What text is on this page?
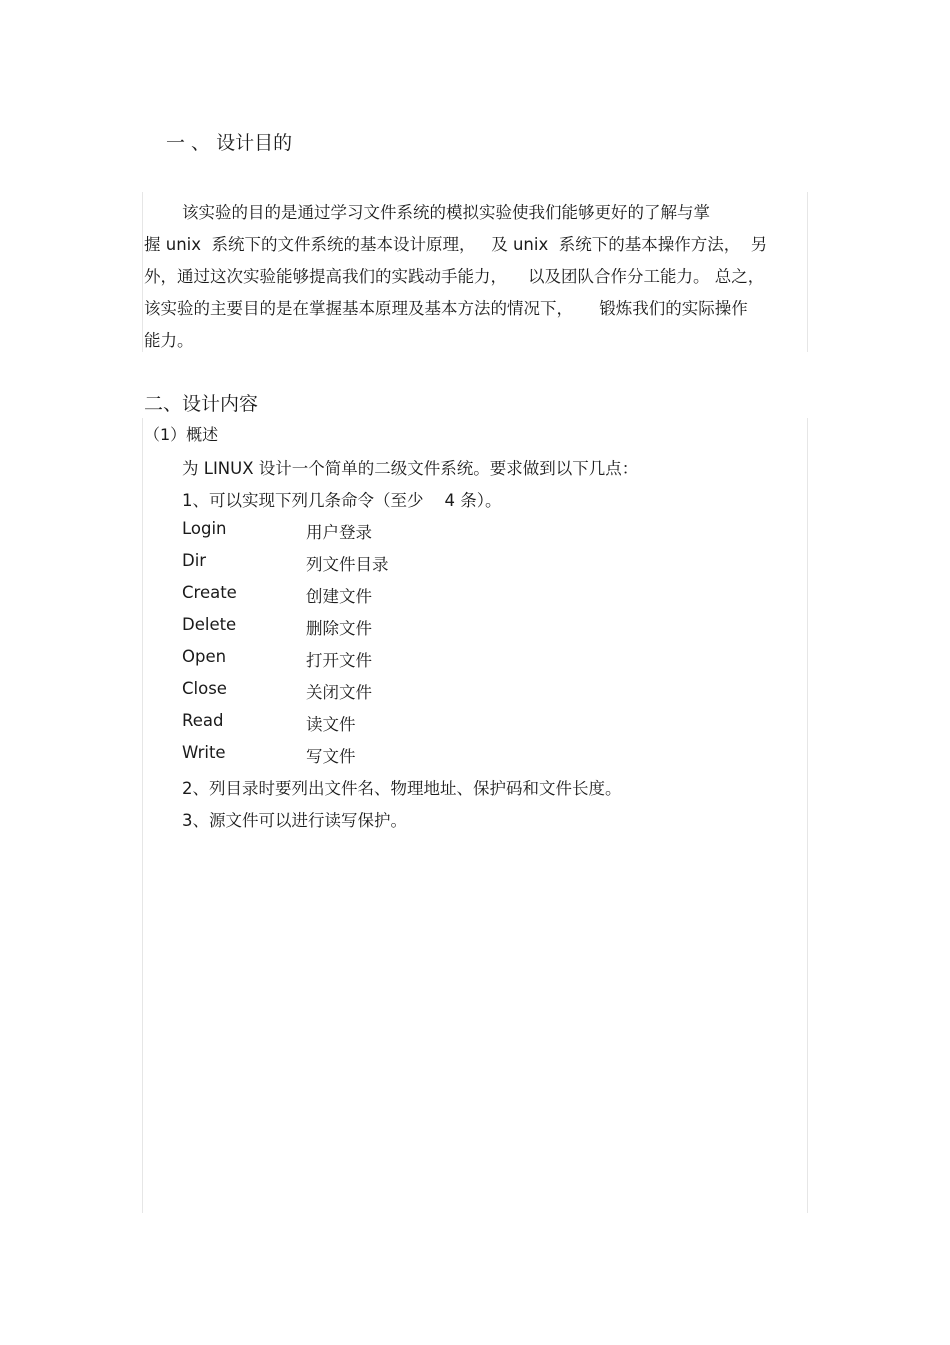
一 、 设计目的
该实验的目的是通过学习文件系统的模拟实验使我们能够更好的了解与掌
握 unix  系统下的文件系统的基本设计原理，   及 unix  系统下的基本操作方法，  另
外，通过这次实验能够提高我们的实践动手能力，    以及团队合作分工能力。 总之，
该实验的主要目的是在掌握基本原理及基本方法的情况下，     锻炼我们的实际操作
能力。
二、设计内容
（1）概述
为 LINUX 设计一个简单的二级文件系统。要求做到以下几点：
1、可以实现下列几条命令（至少    4 条）。
Login	用户登录
Dir	列文件目录
Create	创建文件
Delete	删除文件
Open	打开文件
Close	关闭文件
Read	读文件
Write	写文件
2、列目录时要列出文件名、物理地址、保护码和文件长度。
3、源文件可以进行读写保护。
